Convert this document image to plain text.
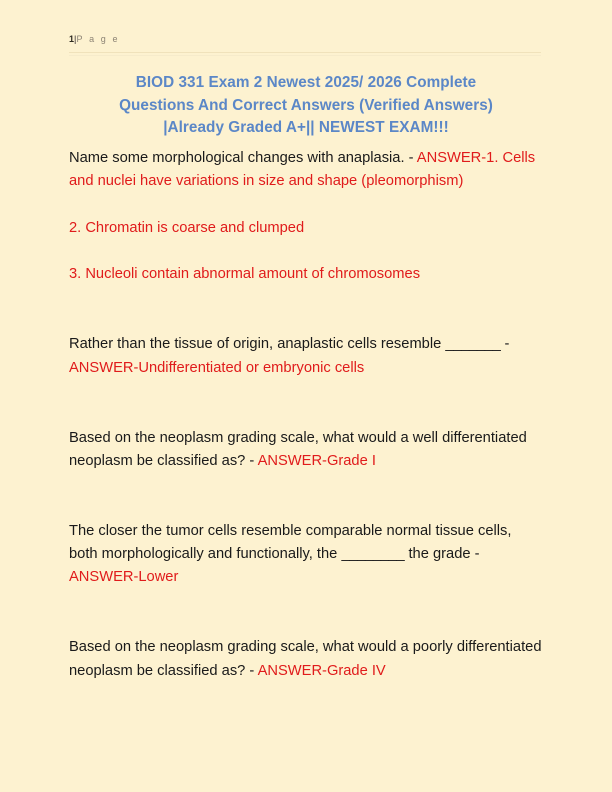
1|P a g e
BIOD 331 Exam 2 Newest 2025/ 2026 Complete
Questions And Correct Answers (Verified Answers)
|Already Graded A+|| NEWEST EXAM!!!

Name some morphological changes with anaplasia. - ANSWER-1. Cells and nuclei have variations in size and shape (pleomorphism)

2. Chromatin is coarse and clumped

3. Nucleoli contain abnormal amount of chromosomes

Rather than the tissue of origin, anaplastic cells resemble _______ - ANSWER-Undifferentiated or embryonic cells

Based on the neoplasm grading scale, what would a well differentiated neoplasm be classified as? - ANSWER-Grade I

The closer the tumor cells resemble comparable normal tissue cells, both morphologically and functionally, the ________ the grade - ANSWER-Lower

Based on the neoplasm grading scale, what would a poorly differentiated neoplasm be classified as? - ANSWER-Grade IV
